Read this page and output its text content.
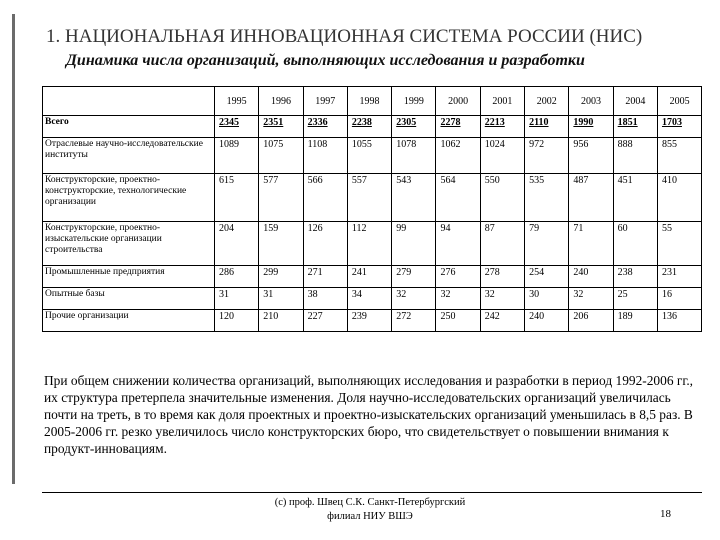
1. НАЦИОНАЛЬНАЯ ИННОВАЦИОННАЯ СИСТЕМА РОССИИ (НИС)
Динамика числа организаций, выполняющих исследования и разработки
	1995	1996	1997	1998	1999	2000	2001	2002	2003	2004	2005
Всего	2345	2351	2336	2238	2305	2278	2213	2110	1990	1851	1703
Отраслевые научно-исследовательские институты	1089	1075	1108	1055	1078	1062	1024	972	956	888	855
Конструкторские, проектно-конструкторские, технологические организации	615	577	566	557	543	564	550	535	487	451	410
Конструкторские, проектно-изыскательские организации строительства	204	159	126	112	99	94	87	79	71	60	55
Промышленные предприятия	286	299	271	241	279	276	278	254	240	238	231
Опытные базы	31	31	38	34	32	32	32	30	32	25	16
Прочие организации	120	210	227	239	272	250	242	240	206	189	136
При общем снижении количества организаций, выполняющих исследования и разработки в период 1992-2006 гг., их структура претерпела значительные изменения. Доля научно-исследовательских организаций увеличилась почти на треть, в то время как доля проектных и проектно-изыскательских организаций уменьшилась в 8,5 раз. В 2005-2006 гг. резко увеличилось число конструкторских бюро, что свидетельствует о повышении внимания к продукт-инновациям.
(с) проф. Швец С.К. Санкт-Петербургский
филиал НИУ ВШЭ	18
